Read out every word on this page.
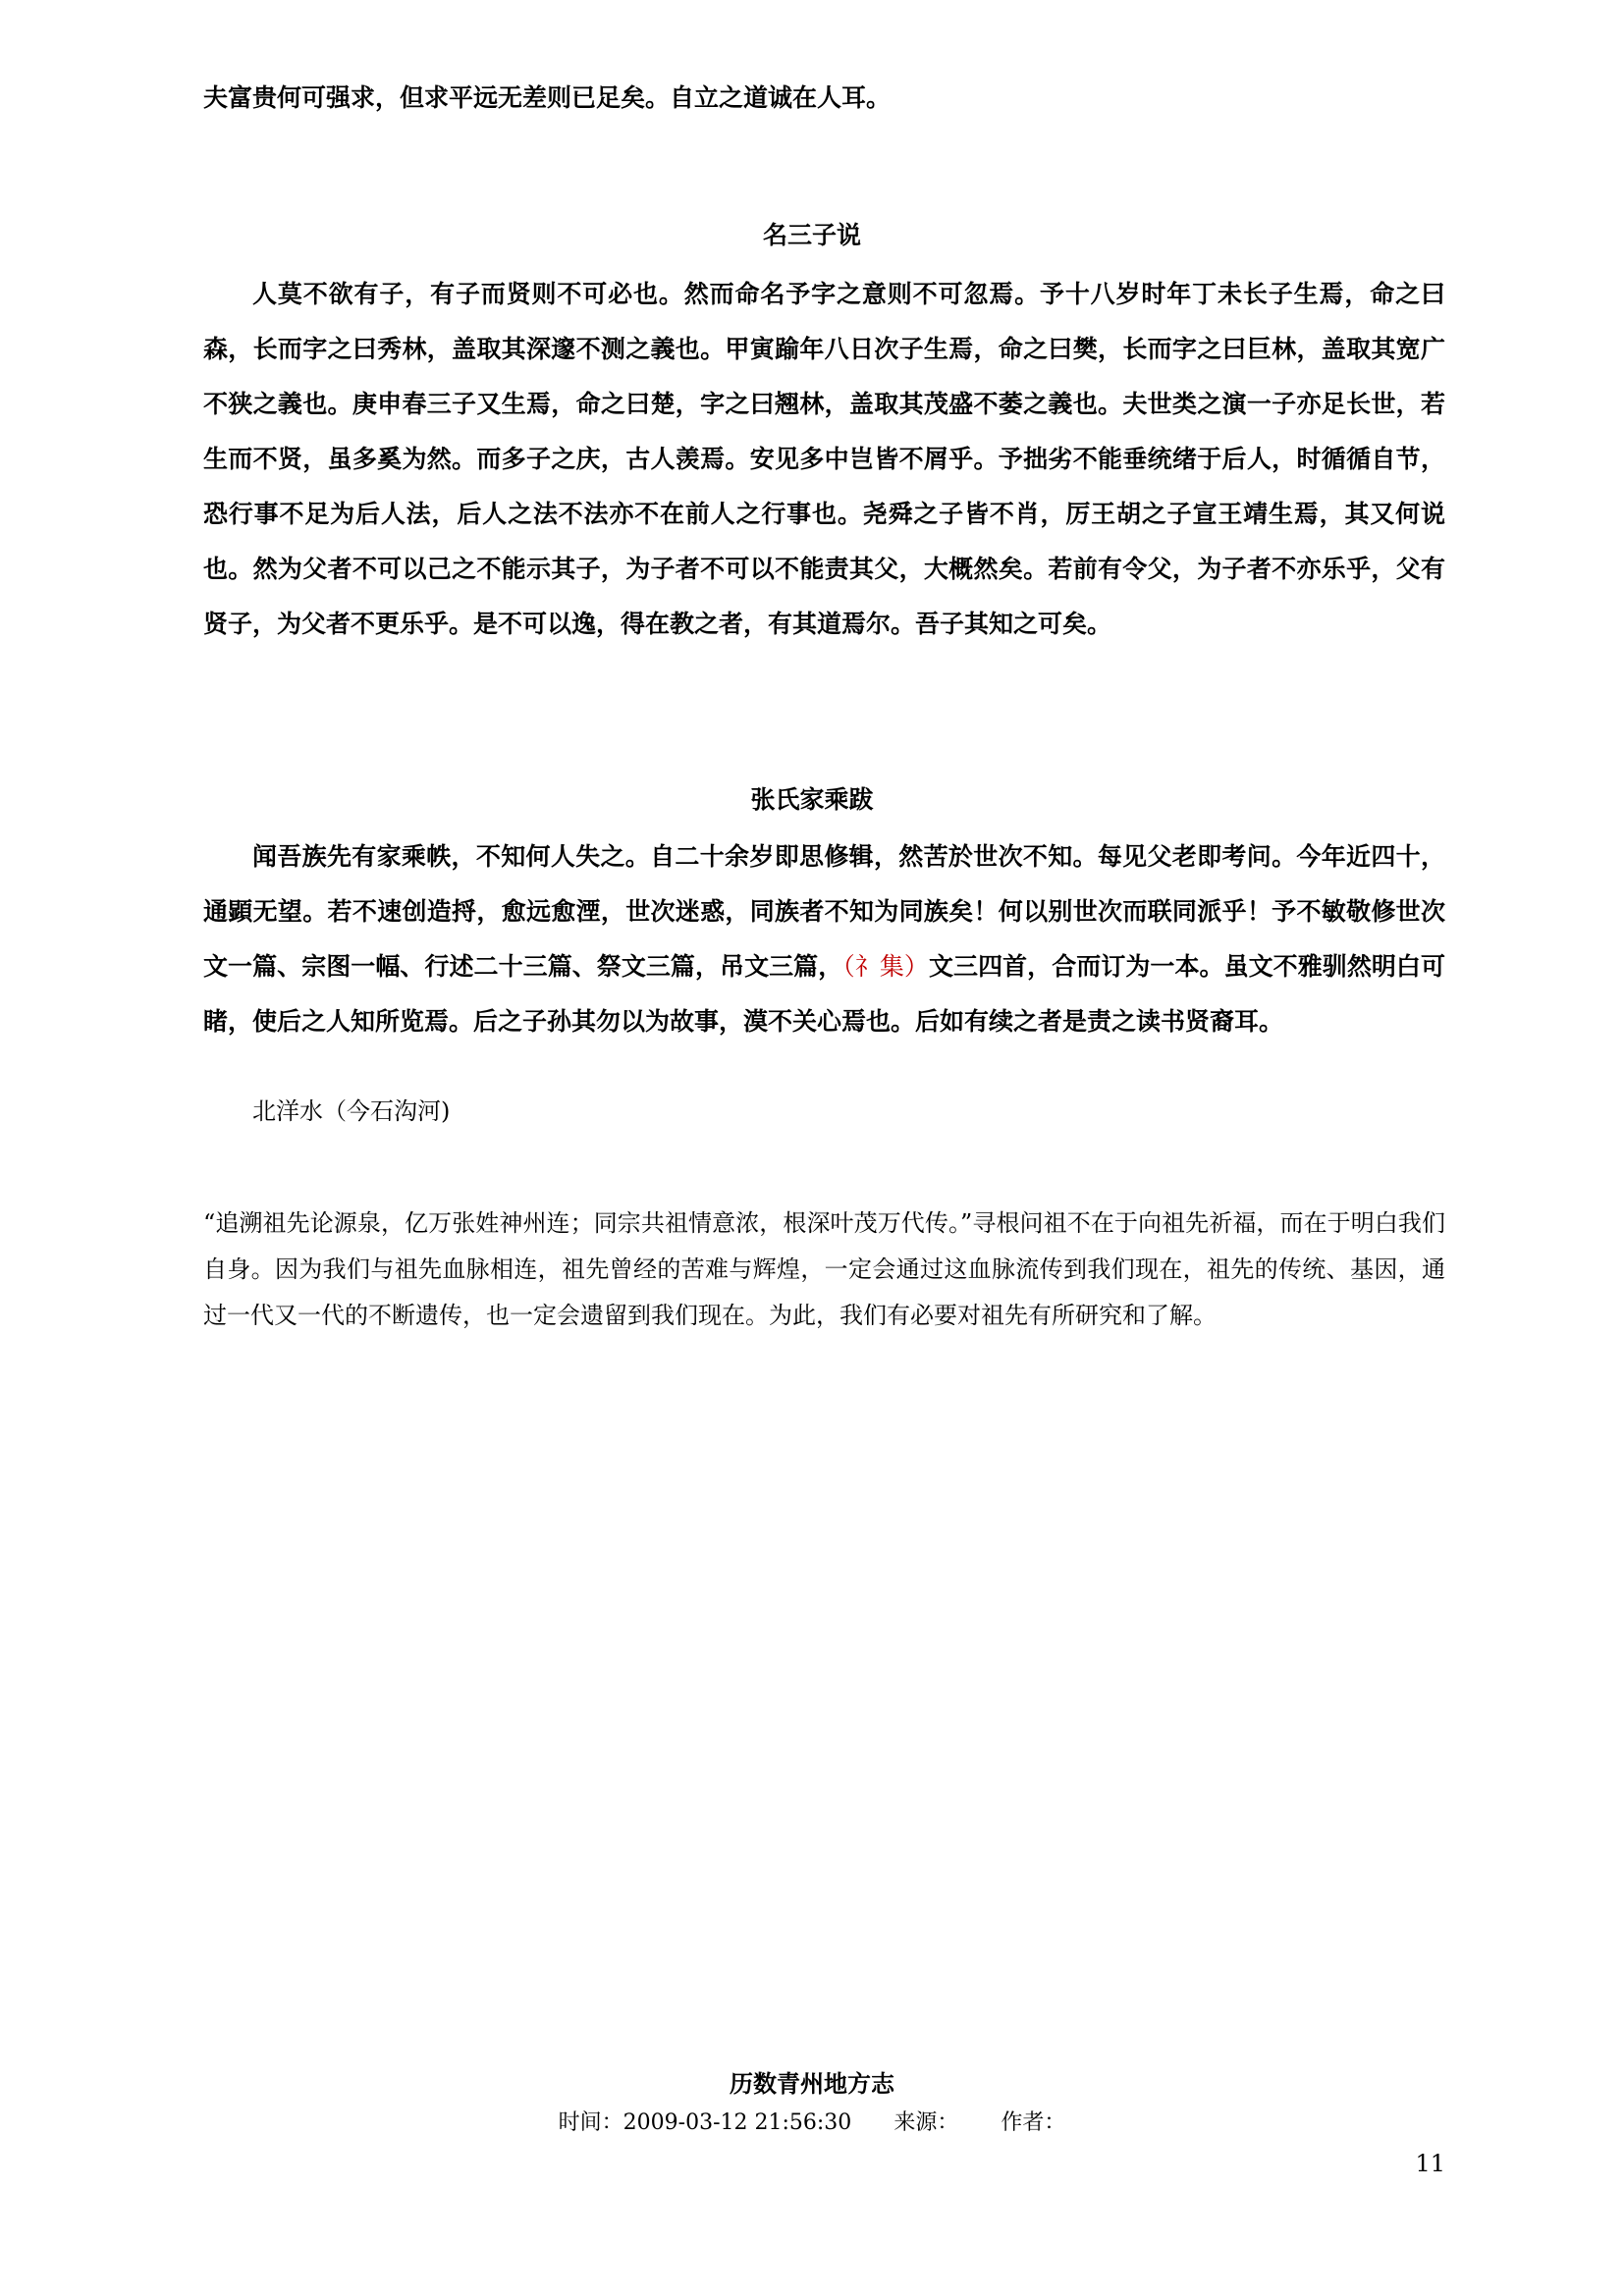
夫富贵何可强求，但求平远无差则已足矣。自立之道诚在人耳。
名三子说
人莫不欲有子，有子而贤则不可必也。然而命名予字之意则不可忽焉。予十八岁时年丁未长子生焉，命之曰森，长而字之曰秀林，盖取其深邃不测之義也。甲寅踰年八日次子生焉，命之曰樊，长而字之曰巨林，盖取其宽广不狭之義也。庚申春三子又生焉，命之曰楚，字之曰翘林，盖取其茂盛不萎之義也。夫世类之演一子亦足长世，若生而不贤，虽多奚为然。而多子之庆，古人羡焉。安见多中岂皆不屑乎。予拙劣不能垂统绪于后人，时循循自节，恐行事不足为后人法，后人之法不法亦不在前人之行事也。尧舜之子皆不肖，厉王胡之子宣王靖生焉，其又何说也。然为父者不可以己之不能示其子，为子者不可以不能责其父，大概然矣。若前有令父，为子者不亦乐乎，父有贤子，为父者不更乐乎。是不可以逸，得在教之者，有其道焉尔。吾子其知之可矣。
张氏家乘跋
闻吾族先有家乘帙，不知何人失之。自二十余岁即思修辑，然苦於世次不知。每见父老即考问。今年近四十，通顕无望。若不速创造捋，愈远愈湮，世次迷惑，同族者不知为同族矣！何以别世次而联同派乎！予不敏敬修世次文一篇、宗图一幅、行述二十三篇、祭文三篇，吊文三篇，（礻集）文三四首，合而订为一本。虽文不雅驯然明白可睹，使后之人知所览焉。后之子孙其勿以为故事，漠不关心焉也。后如有续之者是责之读书贤裔耳。
北洋水（今石沟河)
“追溯祖先论源泉，亿万张姓神州连；同宗共祖情意浓，根深叶茂万代传。”寻根问祖不在于向祖先祈福，而在于明白我们自身。因为我们与祖先血脉相连，祖先曾经的苦难与辉煌，一定会通过这血脉流传到我们现在，祖先的传统、基因，通过一代又一代的不断遗传，也一定会遗留到我们现在。为此，我们有必要对祖先有所研究和了解。
历数青州地方志
时间：2009-03-12 21:56:30 来源： 作者：
11
